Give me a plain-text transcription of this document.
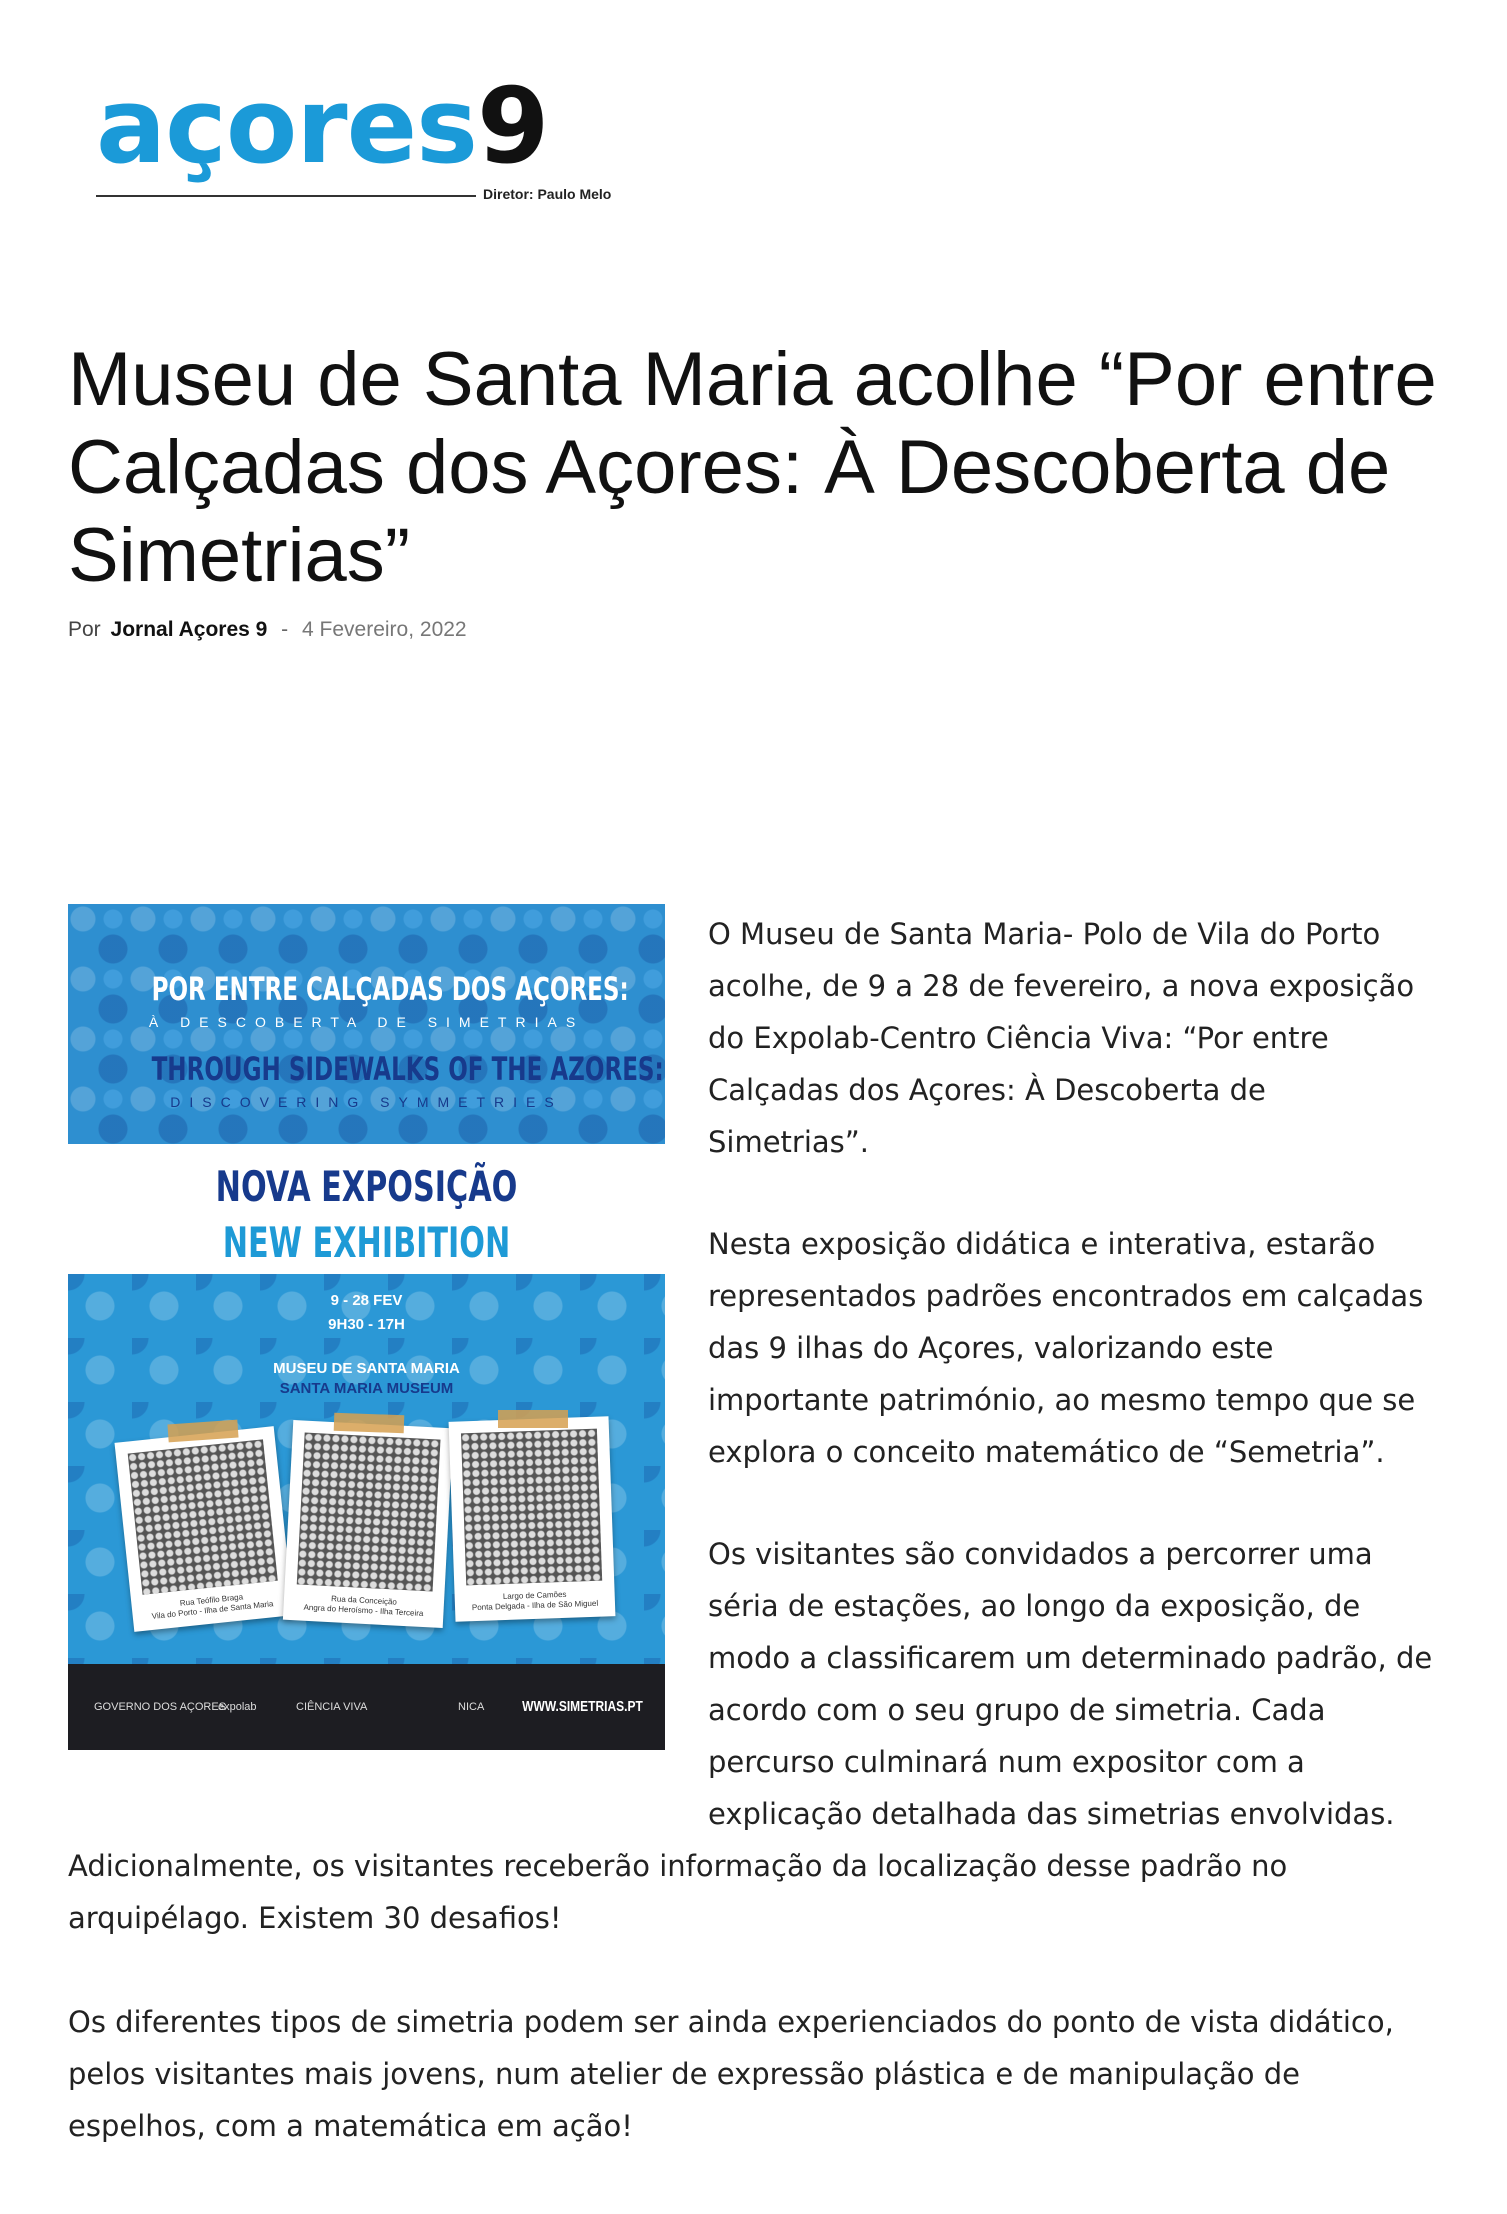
açores9
Diretor: Paulo Melo
Museu de Santa Maria acolhe “Por entre Calçadas dos Açores: À Descoberta de Simetrias”
Por Jornal Açores 9 - 4 Fevereiro, 2022
POR ENTRE CALÇADAS DOS AÇORES:
À DESCOBERTA DE SIMETRIAS
THROUGH SIDEWALKS OF THE AZORES:
DISCOVERING SYMMETRIES
NOVA EXPOSIÇÃO
NEW EXHIBITION
9 - 28 FEV
9H30 - 17H
MUSEU DE SANTA MARIA
SANTA MARIA MUSEUM
Rua Teófilo Braga
Vila do Porto - Ilha de Santa Maria	Rua da Conceição
Angra do Heroísmo - Ilha Terceira
Largo de Camões
Ponta Delgada - Ilha de São Miguel
GOVERNO DOS AÇORES
expolab	CIÊNCIA VIVA	NICA	WWW.SIMETRIAS.PT
O Museu de Santa Maria- Polo de Vila do Porto
acolhe, de 9 a 28 de fevereiro, a nova exposição
do Expolab-Centro Ciência Viva: “Por entre
Calçadas dos Açores: À Descoberta de
Simetrias”.
Nesta exposição didática e interativa, estarão
representados padrões encontrados em calçadas
das 9 ilhas do Açores, valorizando este
importante património, ao mesmo tempo que se
explora o conceito matemático de “Semetria”.
Os visitantes são convidados a percorrer uma
séria de estações, ao longo da exposição, de
modo a classificarem um determinado padrão, de
acordo com o seu grupo de simetria. Cada
percurso culminará num expositor com a
explicação detalhada das simetrias envolvidas.
Adicionalmente, os visitantes receberão informação da localização desse padrão no
arquipélago. Existem 30 desafios!
Os diferentes tipos de simetria podem ser ainda experienciados do ponto de vista didático,
pelos visitantes mais jovens, num atelier de expressão plástica e de manipulação de
espelhos, com a matemática em ação!
